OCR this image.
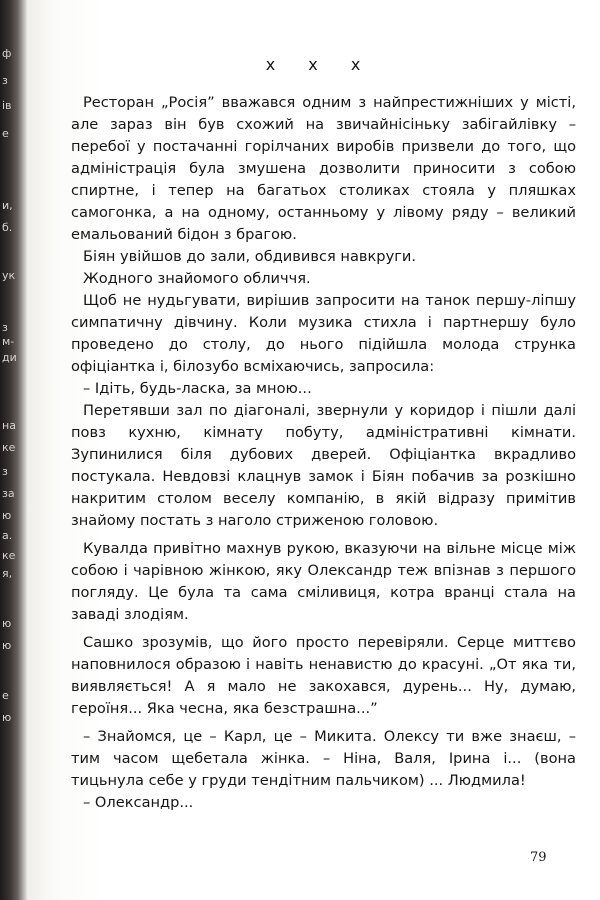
x x x

Ресторан „Росія” вважався одним з найпрестижніших у місті, але зараз він був схожий на звичайнісіньку забігайлівку – перебої у постачанні горілчаних виробів призвели до того, що адміністрація була змушена дозволити приносити з собою спиртне, і тепер на багатьох столиках стояла у пляшках самогонка, а на одному, останньому у лівому ряду – великий емальований бідон з брагою.

Біян увійшов до зали, обдивився навкруги.

Жодного знайомого обличчя.

Щоб не нудьгувати, вирішив запросити на танок першу-ліпшу симпатичну дівчину. Коли музика стихла і партнершу було проведено до столу, до нього підійшла молода струнка офіціантка і, білозубо всміхаючись, запросила:

– Ідіть, будь-ласка, за мною...

Перетявши зал по діагоналі, звернули у коридор і пішли далі повз кухню, кімнату побуту, адміністративні кімнати. Зупинилися біля дубових дверей. Офіціантка вкрадливо постукала. Невдовзі клацнув замок і Біян побачив за розкішно накритим столом веселу компанію, в якій відразу примітив знайому постать з наголо стриженою головою.

Кувалда привітно махнув рукою, вказуючи на вільне місце між собою і чарівною жінкою, яку Олександр теж впізнав з першого погляду. Це була та сама сміливиця, котра вранці стала на заваді злодіям.

Сашко зрозумів, що його просто перевіряли. Серце миттєво наповнилося образою і навіть ненавистю до красуні. „От яка ти, виявляється! А я мало не закохався, дурень... Ну, думаю, героїня... Яка чесна, яка безстрашна...”

– Знайомся, це – Карл, це – Микита. Олексу ти вже знаєш, – тим часом щебетала жінка. – Ніна, Валя, Ірина і... (вона тицьнула себе у груди тендітним пальчиком) ... Людмила!

– Олександр...

79
ф
з
ів
е
и,
б.
ук
з
м-
ди
на
ке
з
за
ю
а.
ке
я,
ю
ю
е
ю
